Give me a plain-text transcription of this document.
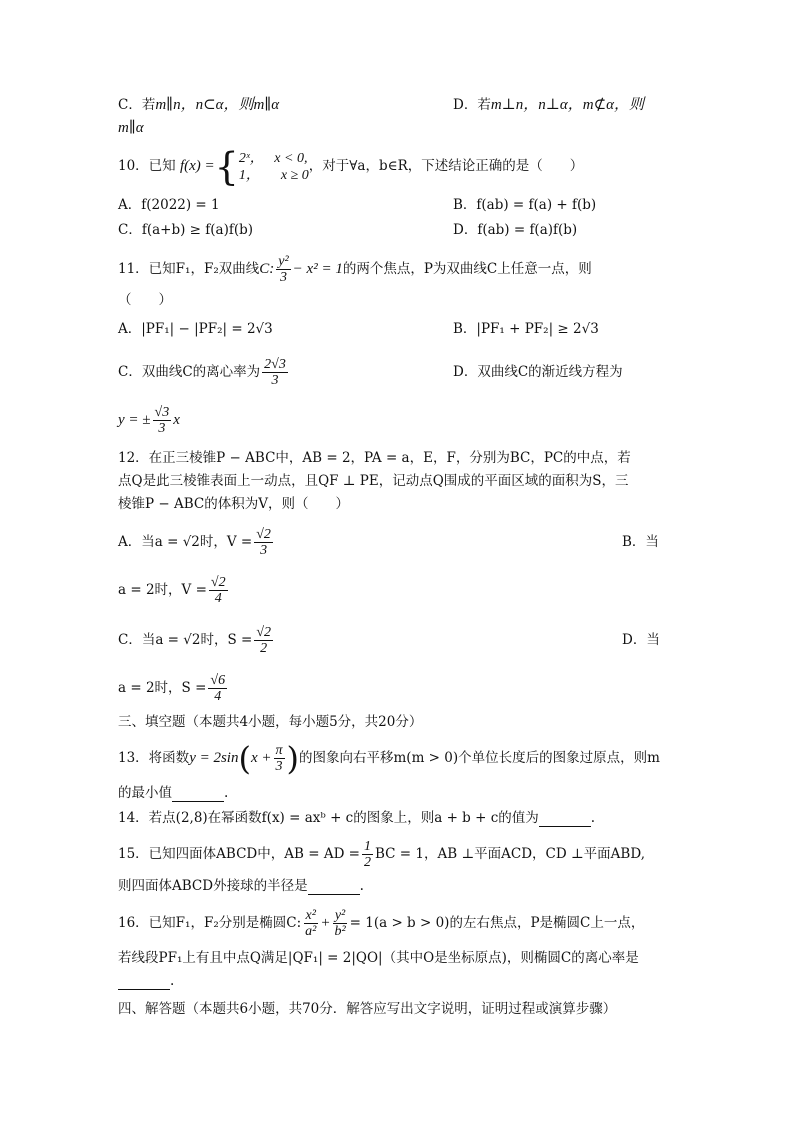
C．若m∥n，n⊂α，则m∥α	D．若m⊥n，n⊥α，m⊄α，则
m∥α
10．已知 f(x) ={ 2ˣ，   x < 0,
1，      x ≥ 0
，对于∀a，b∈R，下述结论正确的是（　　）
A．f(2022) = 1	B．f(ab) = f(a) + f(b)
C．f(a+b) ≥ f(a)f(b)	D．f(ab) = f(a)f(b)
11．已知F₁，F₂双曲线C: $\frac{\text{y²}}{3} - x^2 = 1$的两个焦点，P为双曲线C上任意一点，则
（　　）
A．|PF₁| − |PF₂| = 2√3	B．|PF₁ + PF₂| ≥ 2√3
C．双曲线C的离心率为 $\frac{2√3}{3}$	D．双曲线C的渐近线方程为
y = ± $\frac{√3}{3}$ x
12．在正三棱锥P − ABC中，AB = 2，PA = a，E，F，分别为BC，PC的中点，若
点Q是此三棱锥表面上一动点，且QF ⊥ PE，记动点Q围成的平面区域的面积为S，三
棱锥P − ABC的体积为V，则（　　）
A．当a = √2时，$V = \frac{√2}{3}$	B．当
a = 2时，$V = \frac{√2}{4}$
C．当a = √2时，$S = \frac{√2}{2}$	D．当
a = 2时，$S = \frac{√6}{4}$
三、填空题（本题共4小题，每小题5分，共20分）
13．将函数$y = 2\sin(x + \frac{\pi}{3}$ )的图象向右平移m(m > 0)个单位长度后的图象过原点，则m
的最小值	.
14．若点(2,8)在幂函数f(x) = axᵇ + c的图象上，则a + b + c的值为	.
15．已知四面体ABCD中，AB = AD = $\frac{1}{2}$ BC = 1，AB ⊥平面ACD，CD ⊥平面ABD,
则四面体ABCD外接球的半径是	.
16．已知F₁，F₂分别是椭圆C: $\frac{\text{x²}}{\text{a²}} + \frac{\text{y²}}{\text{b²}} = 1(a > b > 0)$的左右焦点，P是椭圆C上一点，
若线段PF₁上有且中点Q满足|QF₁| = 2|QO|（其中O是坐标原点)，则椭圆C的离心率是
.
四、解答题（本题共6小题，共70分．解答应写出文字说明，证明过程或演算步骤）
